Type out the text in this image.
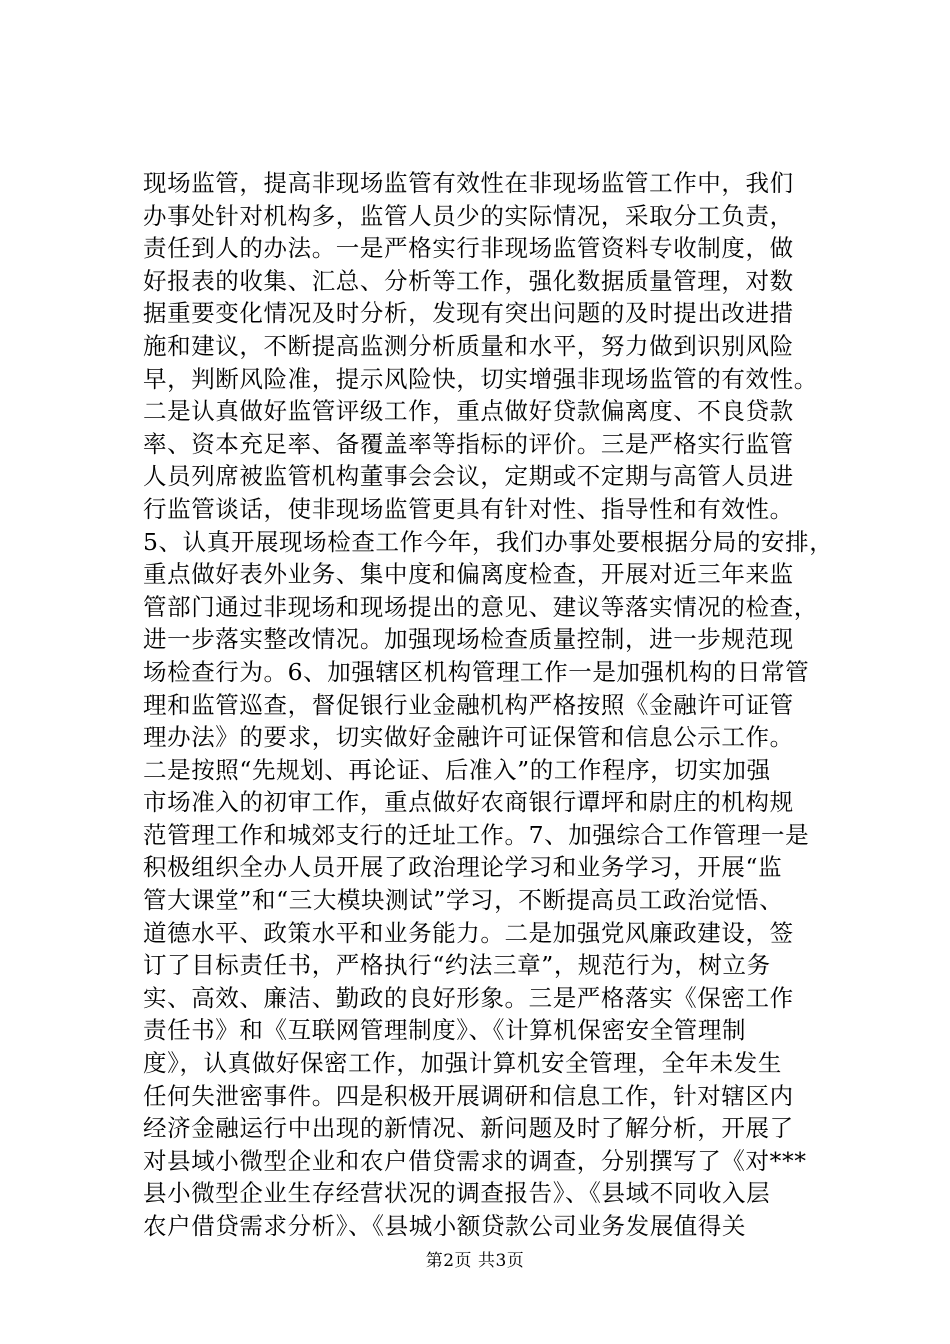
现场监管，提高非现场监管有效性在非现场监管工作中，我们
办事处针对机构多，监管人员少的实际情况，采取分工负责，
责任到人的办法。一是严格实行非现场监管资料专收制度，做
好报表的收集、汇总、分析等工作，强化数据质量管理，对数
据重要变化情况及时分析，发现有突出问题的及时提出改进措
施和建议，不断提高监测分析质量和水平，努力做到识别风险
早，判断风险准，提示风险快，切实增强非现场监管的有效性。
二是认真做好监管评级工作，重点做好贷款偏离度、不良贷款
率、资本充足率、备覆盖率等指标的评价。三是严格实行监管
人员列席被监管机构董事会会议，定期或不定期与高管人员进
行监管谈话，使非现场监管更具有针对性、指导性和有效性。
5、认真开展现场检查工作今年，我们办事处要根据分局的安排，
重点做好表外业务、集中度和偏离度检查，开展对近三年来监
管部门通过非现场和现场提出的意见、建议等落实情况的检查，
进一步落实整改情况。加强现场检查质量控制，进一步规范现
场检查行为。6、加强辖区机构管理工作一是加强机构的日常管
理和监管巡查，督促银行业金融机构严格按照《金融许可证管
理办法》的要求，切实做好金融许可证保管和信息公示工作。
二是按照“先规划、再论证、后准入”的工作程序，切实加强
市场准入的初审工作，重点做好农商银行谭坪和尉庄的机构规
范管理工作和城郊支行的迁址工作。7、加强综合工作管理一是
积极组织全办人员开展了政治理论学习和业务学习，开展“监
管大课堂”和“三大模块测试”学习，不断提高员工政治觉悟、
道德水平、政策水平和业务能力。二是加强党风廉政建设，签
订了目标责任书，严格执行“约法三章”，规范行为，树立务
实、高效、廉洁、勤政的良好形象。三是严格落实《保密工作
责任书》和《互联网管理制度》、《计算机保密安全管理制
度》，认真做好保密工作，加强计算机安全管理，全年未发生
任何失泄密事件。四是积极开展调研和信息工作，针对辖区内
经济金融运行中出现的新情况、新问题及时了解分析，开展了
对县域小微型企业和农户借贷需求的调查，分别撰写了《对***
县小微型企业生存经营状况的调查报告》、《县域不同收入层
农户借贷需求分析》、《县城小额贷款公司业务发展值得关
第2页 共3页
